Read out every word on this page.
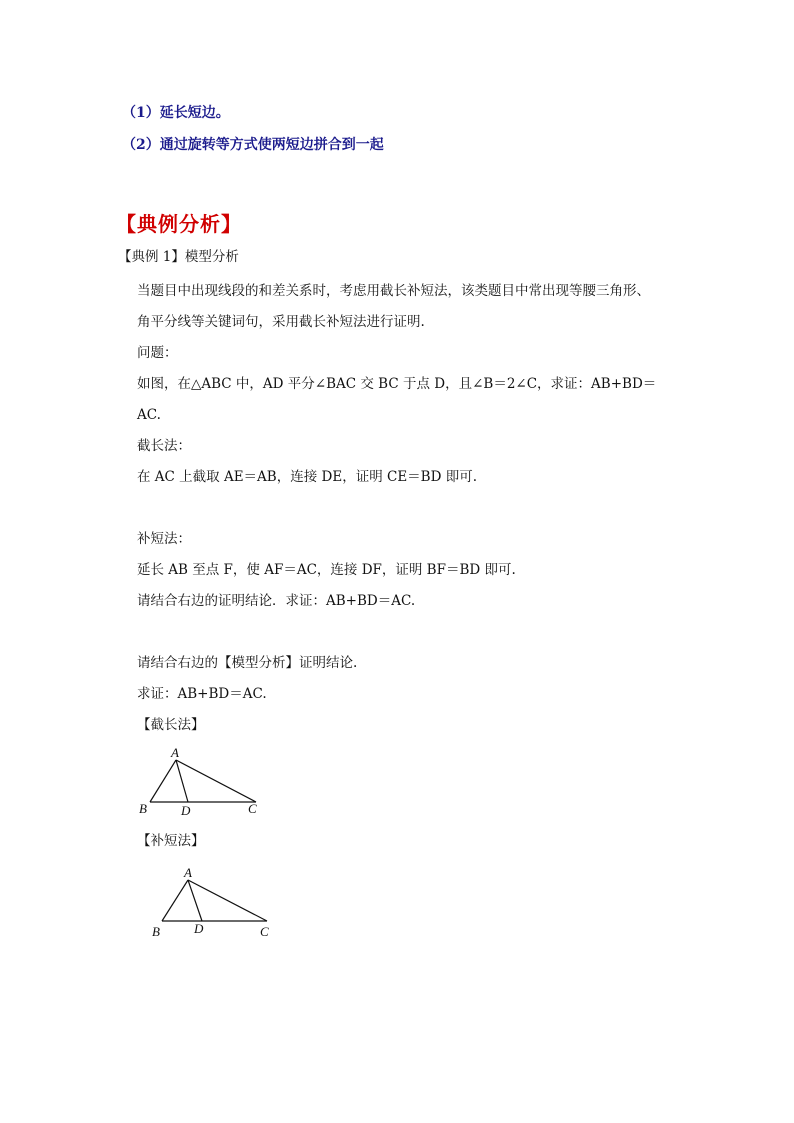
（1）延长短边。
（2）通过旋转等方式使两短边拼合到一起
【典例分析】
【典例 1】模型分析
当题目中出现线段的和差关系时，考虑用截长补短法，该类题目中常出现等腰三角形、
角平分线等关键词句，采用截长补短法进行证明.
问题：
如图，在△ABC 中，AD 平分∠BAC 交 BC 于点 D，且∠B＝2∠C，求证：AB+BD＝
AC.
截长法：
在 AC 上截取 AE＝AB，连接 DE，证明 CE＝BD 即可.
补短法：
延长 AB 至点 F，使 AF＝AC，连接 DF，证明 BF＝BD 即可.
请结合右边的证明结论．求证：AB+BD＝AC.
请结合右边的【模型分析】证明结论.
求证：AB+BD＝AC.
【截长法】
A
B	D	C
【补短法】
A
B	D	C
